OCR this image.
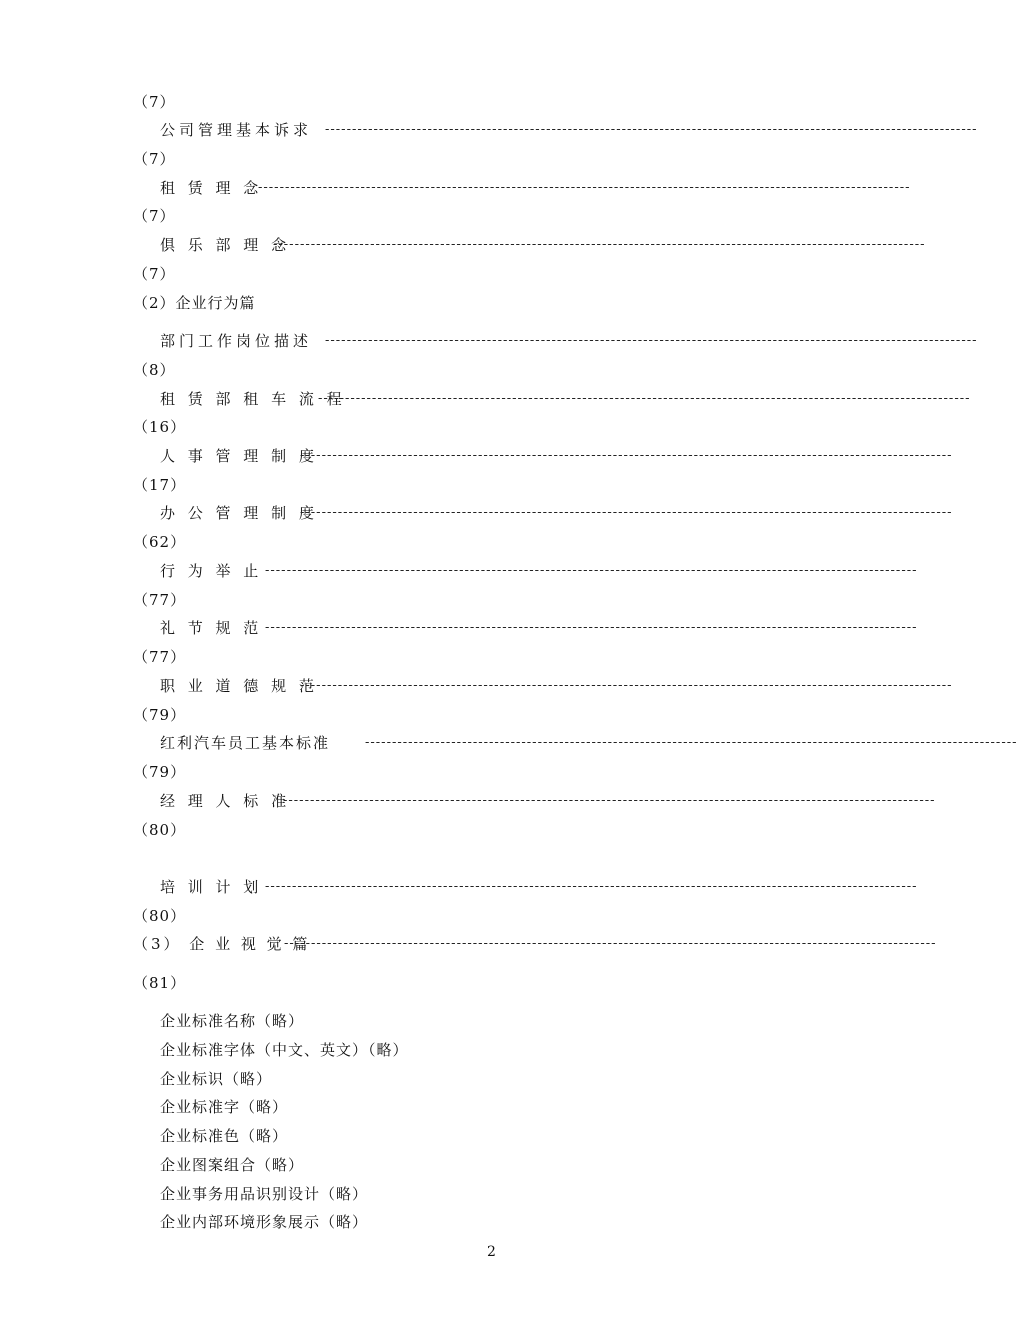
（7）
公司管理基本诉求 -------------------------------------------------------------------------------------------------------------------------
（7）
租 赁 理 念
-------------------------------------------------------------------------------------------------------------------------
（7）
俱 乐 部 理 念
-------------------------------------------------------------------------------------------------------------------------
（7）
（2）企业行为篇
部门工作岗位描述 -------------------------------------------------------------------------------------------------------------------------
（8）
租 赁 部 租 车 流 程
-------------------------------------------------------------------------------------------------------------------------
（16）
人 事 管 理 制 度
-------------------------------------------------------------------------------------------------------------------------
（17）
办 公 管 理 制 度
-------------------------------------------------------------------------------------------------------------------------
（62）
行 为 举 止 -------------------------------------------------------------------------------------------------------------------------
（77）
礼 节 规 范 -------------------------------------------------------------------------------------------------------------------------
（77）
职 业 道 德 规 范
-------------------------------------------------------------------------------------------------------------------------
（79）
红利汽车员工基本标准	-------------------------------------------------------------------------------------------------------------------------
（79）
经 理 人 标 准
-------------------------------------------------------------------------------------------------------------------------
（80）
培 训 计 划 -------------------------------------------------------------------------------------------------------------------------
（80）
（3） 企 业 视 觉 篇
-------------------------------------------------------------------------------------------------------------------------
（81）
企业标准名称（略）
企业标准字体（中文、英文）（略）
企业标识（略）
企业标准字（略）
企业标准色（略）
企业图案组合（略）
企业事务用品识别设计（略）
企业内部环境形象展示（略）
2
